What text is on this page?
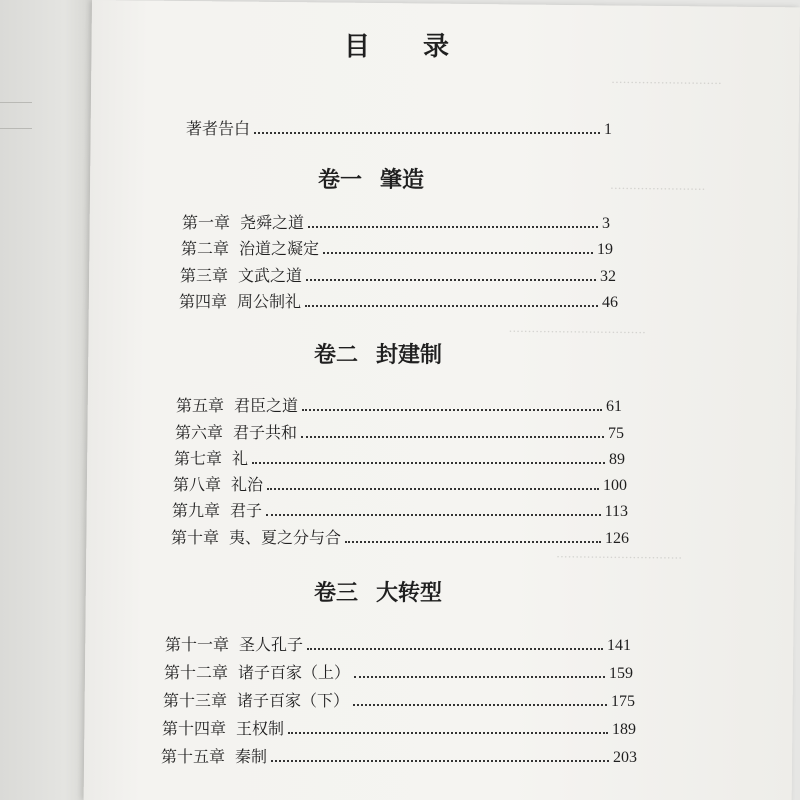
·····························
·························
····································
·································
目 录
著者告白	1
卷一 肇造
第一章 尧舜之道	3
第二章 治道之凝定	19
第三章 文武之道	32
第四章 周公制礼	46
卷二 封建制
第五章 君臣之道	61
第六章 君子共和	75
第七章 礼	89
第八章 礼治	100
第九章 君子	113
第十章 夷、夏之分与合	126
卷三 大转型
第十一章 圣人孔子	141
第十二章 诸子百家（上）	159
第十三章 诸子百家（下）	175
第十四章 王权制	189
第十五章 秦制	203
